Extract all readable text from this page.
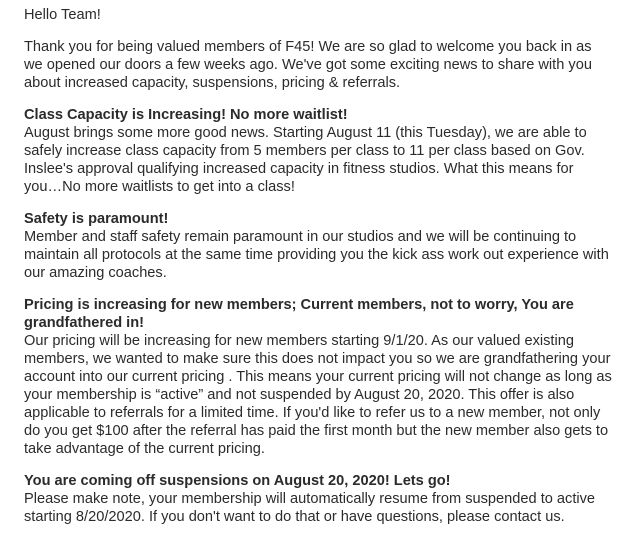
Hello Team!

Thank you for being valued members of F45! We are so glad to welcome you back in as we opened our doors a few weeks ago. We've got some exciting news to share with you about increased capacity, suspensions, pricing & referrals.

Class Capacity is Increasing! No more waitlist!
August brings some more good news. Starting August 11 (this Tuesday), we are able to safely increase class capacity from 5 members per class to 11 per class based on Gov. Inslee's approval qualifying increased capacity in fitness studios. What this means for you…No more waitlists to get into a class!
Safety is paramount!
Member and staff safety remain paramount in our studios and we will be continuing to maintain all protocols at the same time providing you the kick ass work out experience with our amazing coaches.
Pricing is increasing for new members; Current members, not to worry, You are grandfathered in!
Our pricing will be increasing for new members starting 9/1/20. As our valued existing members, we wanted to make sure this does not impact you so we are grandfathering your account into our current pricing . This means your current pricing will not change as long as your membership is “active” and not suspended by August 20, 2020. This offer is also applicable to referrals for a limited time. If you'd like to refer us to a new member, not only do you get $100 after the referral has paid the first month but the new member also gets to take advantage of the current pricing.
You are coming off suspensions on August 20, 2020! Lets go!
Please make note, your membership will automatically resume from suspended to active starting 8/20/2020. If you don't want to do that or have questions, please contact us.
